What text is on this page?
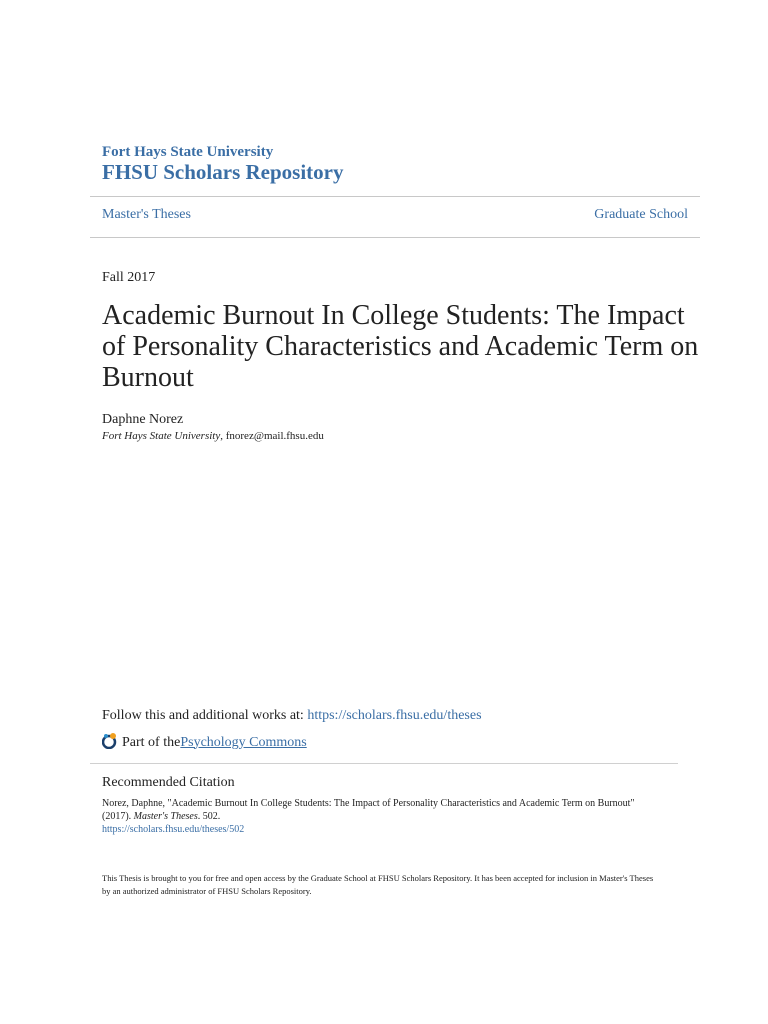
Fort Hays State University
FHSU Scholars Repository
Master's Theses	Graduate School
Fall 2017
Academic Burnout In College Students: The Impact of Personality Characteristics and Academic Term on Burnout
Daphne Norez
Fort Hays State University, fnorez@mail.fhsu.edu
Follow this and additional works at: https://scholars.fhsu.edu/theses
Part of the Psychology Commons
Recommended Citation
Norez, Daphne, "Academic Burnout In College Students: The Impact of Personality Characteristics and Academic Term on Burnout" (2017). Master's Theses. 502.
https://scholars.fhsu.edu/theses/502
This Thesis is brought to you for free and open access by the Graduate School at FHSU Scholars Repository. It has been accepted for inclusion in Master's Theses by an authorized administrator of FHSU Scholars Repository.
